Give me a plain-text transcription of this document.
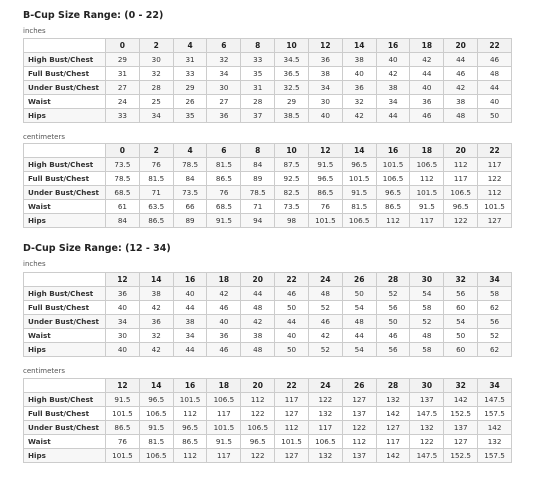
B-Cup Size Range: (0 - 22)
inches
	0	2	4	6	8	10	12	14	16	18	20	22
High Bust/Chest	29	30	31	32	33	34.5	36	38	40	42	44	46
Full Bust/Chest	31	32	33	34	35	36.5	38	40	42	44	46	48
Under Bust/Chest	27	28	29	30	31	32.5	34	36	38	40	42	44
Waist	24	25	26	27	28	29	30	32	34	36	38	40
Hips	33	34	35	36	37	38.5	40	42	44	46	48	50
centimeters
	0	2	4	6	8	10	12	14	16	18	20	22
High Bust/Chest	73.5	76	78.5	81.5	84	87.5	91.5	96.5	101.5	106.5	112	117
Full Bust/Chest	78.5	81.5	84	86.5	89	92.5	96.5	101.5	106.5	112	117	122
Under Bust/Chest	68.5	71	73.5	76	78.5	82.5	86.5	91.5	96.5	101.5	106.5	112
Waist	61	63.5	66	68.5	71	73.5	76	81.5	86.5	91.5	96.5	101.5
Hips	84	86.5	89	91.5	94	98	101.5	106.5	112	117	122	127
D-Cup Size Range: (12 - 34)
inches
	12	14	16	18	20	22	24	26	28	30	32	34
High Bust/Chest	36	38	40	42	44	46	48	50	52	54	56	58
Full Bust/Chest	40	42	44	46	48	50	52	54	56	58	60	62
Under Bust/Chest	34	36	38	40	42	44	46	48	50	52	54	56
Waist	30	32	34	36	38	40	42	44	46	48	50	52
Hips	40	42	44	46	48	50	52	54	56	58	60	62
centimeters
	12	14	16	18	20	22	24	26	28	30	32	34
High Bust/Chest	91.5	96.5	101.5	106.5	112	117	122	127	132	137	142	147.5
Full Bust/Chest	101.5	106.5	112	117	122	127	132	137	142	147.5	152.5	157.5
Under Bust/Chest	86.5	91.5	96.5	101.5	106.5	112	117	122	127	132	137	142
Waist	76	81.5	86.5	91.5	96.5	101.5	106.5	112	117	122	127	132
Hips	101.5	106.5	112	117	122	127	132	137	142	147.5	152.5	157.5
